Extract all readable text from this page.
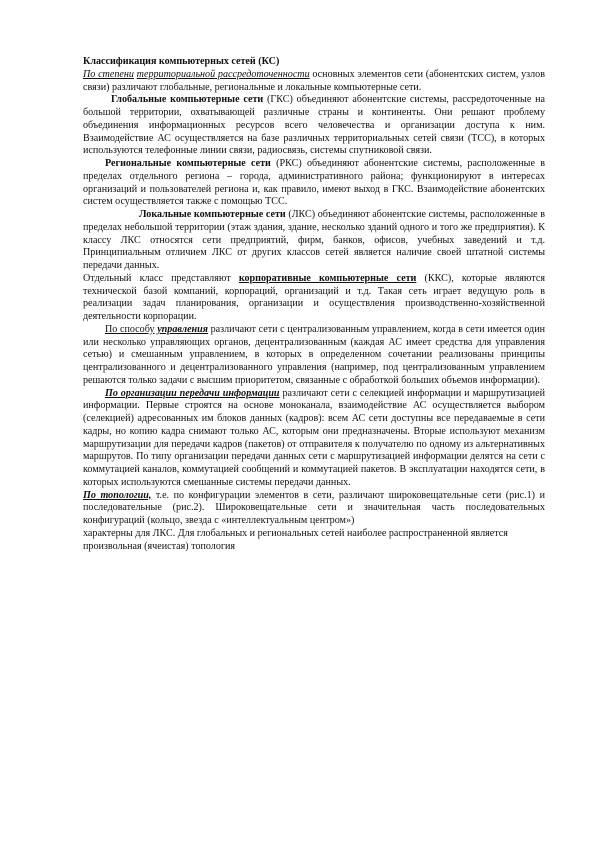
Классификация компьютерных сетей (КС)

По степени территориальной рассредоточенности основных элементов сети (абонентских систем, узлов связи) различают глобальные, региональные и локальные компьютерные сети.

Глобальные компьютерные сети (ГКС) объединяют абонентские системы, рассредоточенные на большой территории, охватывающей различные страны и континенты. Они решают проблему объединения информационных ресурсов всего человечества и организации доступа к ним. Взаимодействие АС осуществляется на базе различных территориальных сетей связи (ТСС), в которых используются телефонные линии связи, радиосвязь, системы спутниковой связи.

Региональные компьютерные сети (РКС) объединяют абонентские системы, расположенные в пределах отдельного региона – города, административного района; функционируют в интересах организаций и пользователей региона и, как правило, имеют выход в ГКС. Взаимодействие абонентских систем осуществляется также с помощью ТСС.

Локальные компьютерные сети (ЛКС) объединяют абонентские системы, расположенные в пределах небольшой территории (этаж здания, здание, несколько зданий одного и того же предприятия). К классу ЛКС относятся сети предприятий, фирм, банков, офисов, учебных заведений и т.д. Принципиальным отличием ЛКС от других классов сетей является наличие своей штатной системы передачи данных.

Отдельный класс представляют корпоративные компьютерные сети (ККС), которые являются технической базой компаний, корпораций, организаций и т.д. Такая сеть играет ведущую роль в реализации задач планирования, организации и осуществления производственно-хозяйственной деятельности корпорации.

По способу управления различают сети с централизованным управлением, когда в сети имеется один или несколько управляющих органов, децентрализованным (каждая АС имеет средства для управления сетью) и смешанным управлением, в которых в определенном сочетании реализованы принципы централизованного и децентрализованного управления (например, под централизованным управлением решаются только задачи с высшим приоритетом, связанные с обработкой больших объемов информации).

По организации передачи информации различают сети с селекцией информации и маршрутизацией информации. Первые строятся на основе моноканала, взаимодействие АС осуществляется выбором (селекцией) адресованных им блоков данных (кадров): всем АС сети доступны все передаваемые в сети кадры, но копию кадра снимают только АС, которым они предназначены. Вторые используют механизм маршрутизации для передачи кадров (пакетов) от отправителя к получателю по одному из альтернативных маршрутов. По типу организации передачи данных сети с маршрутизацией информации делятся на сети с коммутацией каналов, коммутацией сообщений и коммутацией пакетов. В эксплуатации находятся сети, в которых используются смешанные системы передачи данных.

По топологии, т.е. по конфигурации элементов в сети, различают широковещательные сети (рис.1) и последовательные (рис.2). Широковещательные сети и значительная часть последовательных конфигураций (кольцо, звезда с «интеллектуальным центром»)

характерны для ЛКС. Для глобальных и региональных сетей наиболее распространенной является произвольная (ячеистая) топология
